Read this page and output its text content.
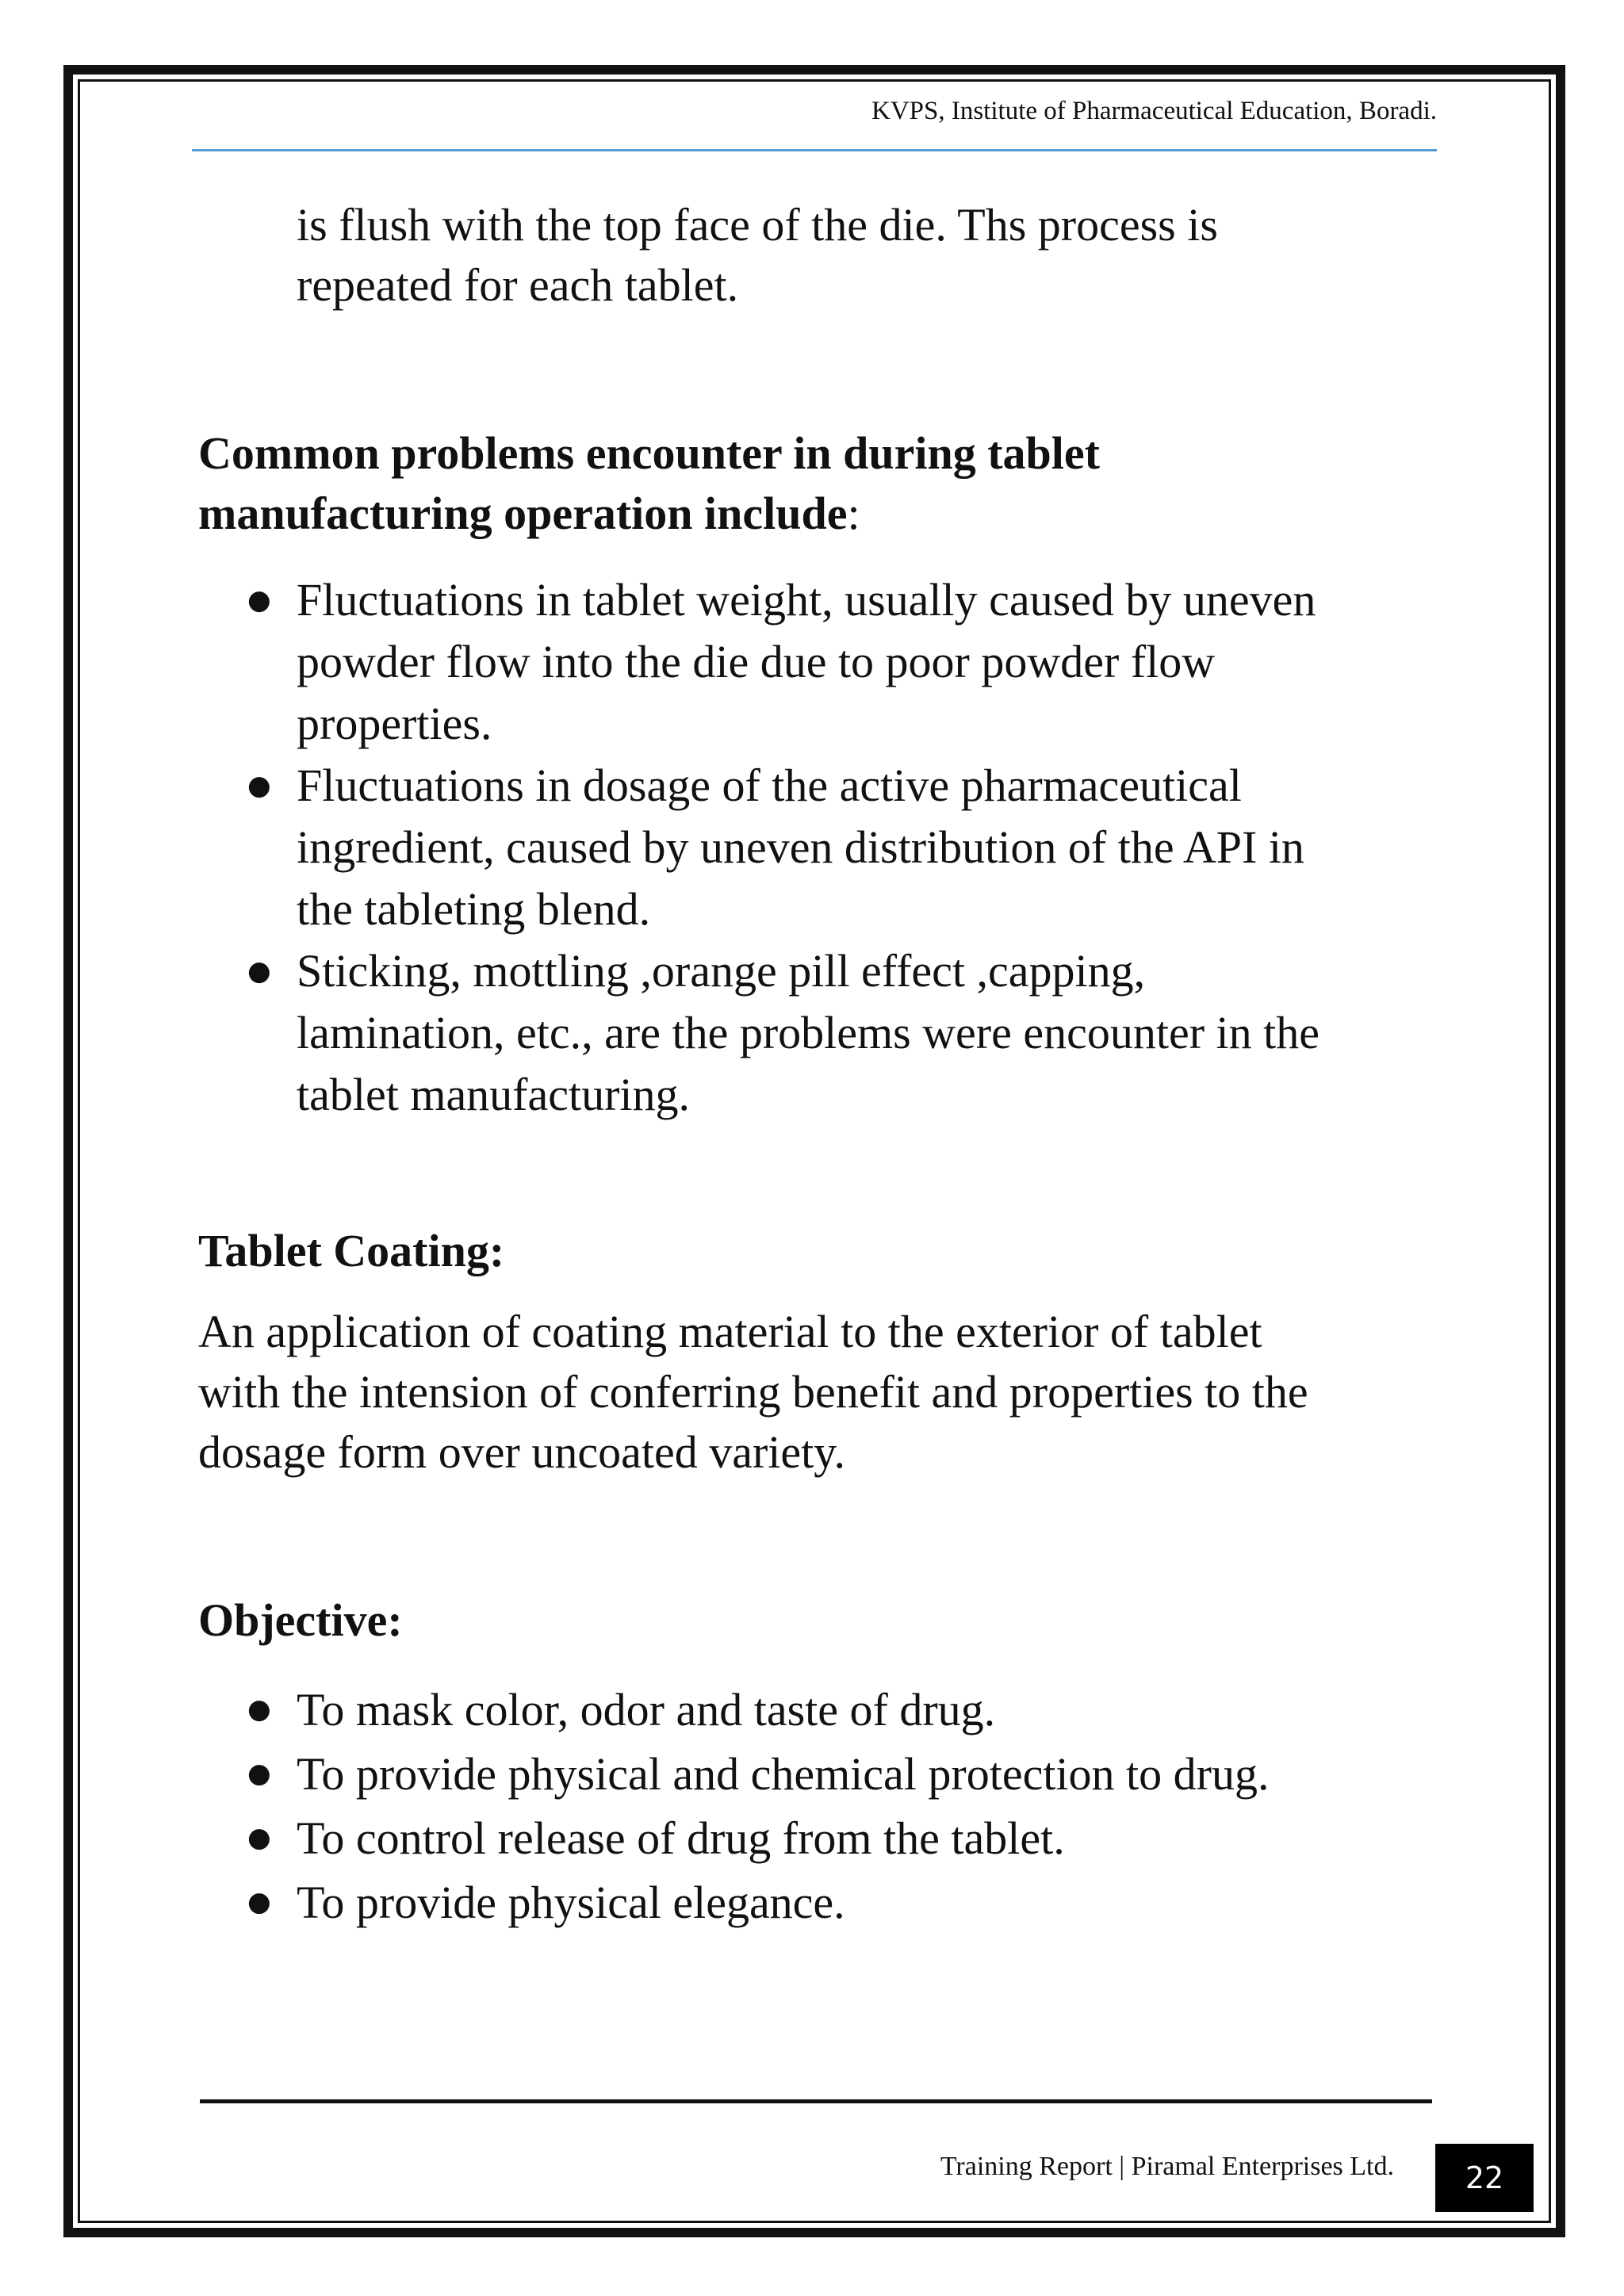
KVPS, Institute of Pharmaceutical Education, Boradi.
is flush with the top face of the die. Ths process is
repeated for each tablet.
Common problems encounter in during tablet
manufacturing operation include:
● Fluctuations in tablet weight, usually caused by uneven
powder flow into the die due to poor powder flow
properties.
● Fluctuations in dosage of the active pharmaceutical
ingredient, caused by uneven distribution of the API in
the tableting blend.
● Sticking, mottling ,orange pill effect ,capping,
lamination, etc., are the problems were encounter in the
tablet manufacturing.
Tablet Coating:
An application of coating material to the exterior of tablet
with the intension of conferring benefit and properties to the
dosage form over uncoated variety.
Objective:
● To mask color, odor and taste of drug.
● To provide physical and chemical protection to drug.
● To control release of drug from the tablet.
● To provide physical elegance.
Training Report | Piramal Enterprises Ltd.	22
